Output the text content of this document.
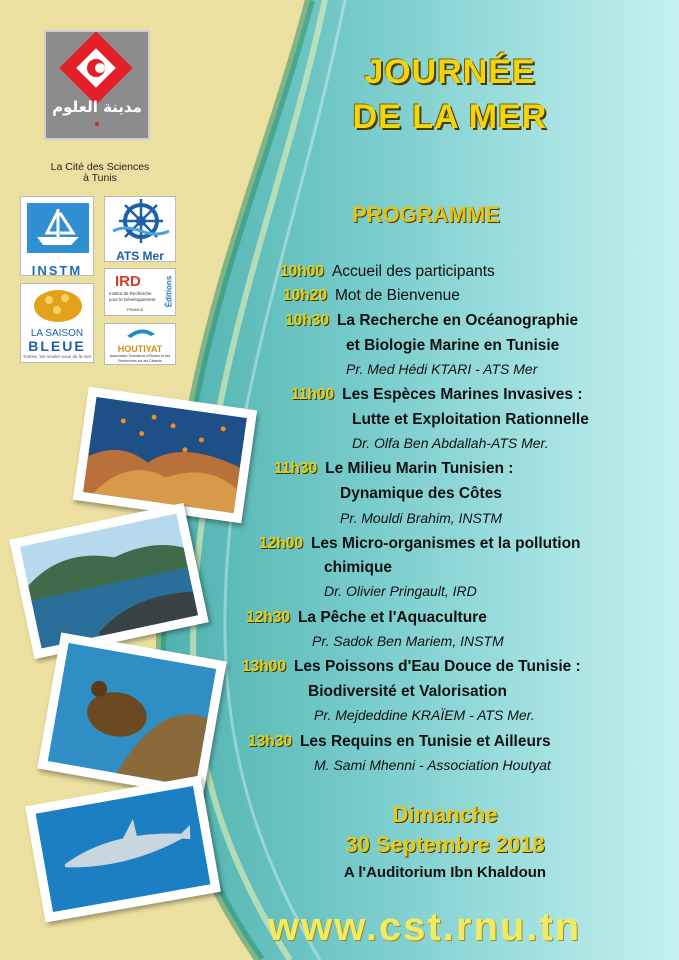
مدينة العلوم
La Cité des Sciences
à Tunis
INSTM
ATS Mer
LA SAISON
BLEUE
Tunisie, les rendez-vous de la mer
IRD
Institut de Recherche pour le Développement
FRANCE
Éditions
HOUTIYAT
Association Tunisienne d'Etudes et des Recherches sur les Cétacés
JOURNÉE
DE LA MER
PROGRAMME
10h00 Accueil des participants
10h20 Mot de Bienvenue
10h30 La Recherche en Océanographie
et Biologie Marine en Tunisie
Pr. Med Hédi KTARI - ATS Mer
11h00 Les Espèces Marines Invasives :
Lutte et Exploitation Rationnelle
Dr. Olfa Ben Abdallah-ATS Mer.
11h30 Le Milieu Marin Tunisien :
Dynamique des Côtes
Pr. Mouldi Brahim, INSTM
12h00 Les Micro-organismes et la pollution
chimique
Dr. Olivier Pringault, IRD
12h30 La Pêche et l'Aquaculture
Pr. Sadok Ben Mariem, INSTM
13h00 Les Poissons d'Eau Douce de Tunisie :
Biodiversité et Valorisation
Pr. Mejdeddine KRAÏEM - ATS Mer.
13h30 Les Requins en Tunisie et Ailleurs
M. Sami Mhenni - Association Houtyat
Dimanche
30 Septembre 2018
A l'Auditorium Ibn Khaldoun
www.cst.rnu.tn
